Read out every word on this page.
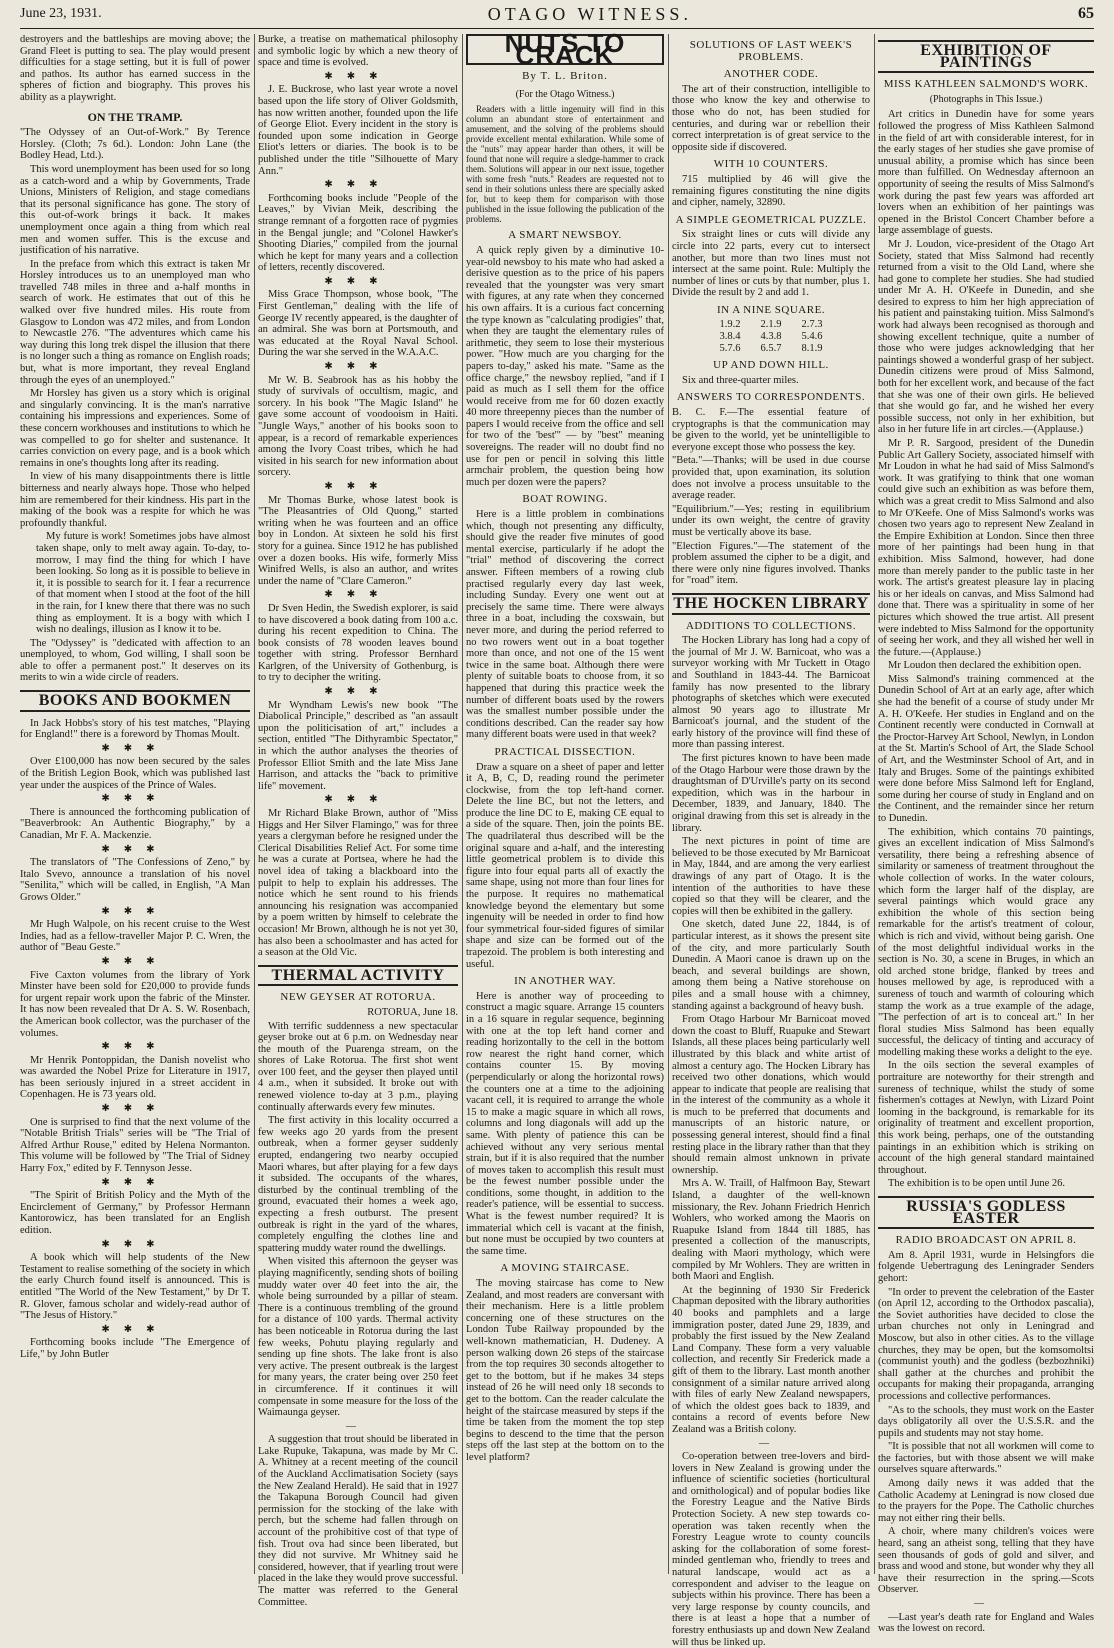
June 23, 1931.	OTAGO WITNESS.	65

destroyers and the battleships are moving above; the Grand Fleet is putting to sea. The play would present difficulties for a stage setting, but it is full of power and pathos. Its author has earned success in the spheres of fiction and biography. This proves his ability as a playwright.

ON THE TRAMP.

"The Odyssey of an Out-of-Work." By Terence Horsley. (Cloth; 7s 6d.). London: John Lane (the Bodley Head, Ltd.).

This word unemployment has been used for so long as a catch-word and a whip by Governments, Trade Unions, Ministers of Religion, and stage comedians that its personal significance has gone. The story of this out-of-work brings it back. It makes unemployment once again a thing from which real men and women suffer. This is the excuse and justification of his narrative.

In the preface from which this extract is taken Mr Horsley introduces us to an unemployed man who travelled 748 miles in three and a-half months in search of work. He estimates that out of this he walked over five hundred miles. His route from Glasgow to London was 472 miles, and from London to Newcastle 276. "The adventures which came his way during this long trek dispel the illusion that there is no longer such a thing as romance on English roads; but, what is more important, they reveal England through the eyes of an unemployed."

Mr Horsley has given us a story which is original and singularly convincing. It is the man's narrative containing his impressions and experiences. Some of these concern workhouses and institutions to which he was compelled to go for shelter and sustenance. It carries conviction on every page, and is a book which remains in one's thoughts long after its reading.

In view of his many disappointments there is little bitterness and nearly always hope. Those who helped him are remembered for their kindness. His part in the making of the book was a respite for which he was profoundly thankful.

My future is work! Sometimes jobs have almost taken shape, only to melt away again. To-day, to-morrow, I may find the thing for which I have been looking. So long as it is possible to believe in it, it is possible to search for it. I fear a recurrence of that moment when I stood at the foot of the hill in the rain, for I knew there that there was no such thing as employment. It is a bogy with which I wish no dealings, illusion as I know it to be.

The "Odyssey" is "dedicated with affection to an unemployed, to whom, God willing, I shall soon be able to offer a permanent post." It deserves on its merits to win a wide circle of readers.

BOOKS AND BOOKMEN

In Jack Hobbs's story of his test matches, "Playing for England!" there is a foreword by Thomas Moult.

✱✱✱

Over £100,000 has now been secured by the sales of the British Legion Book, which was published last year under the auspices of the Prince of Wales.

✱✱✱

There is announced the forthcoming publication of "Beaverbrook: An Authentic Biography," by a Canadian, Mr F. A. Mackenzie.

✱✱✱

The translators of "The Confessions of Zeno," by Italo Svevo, announce a translation of his novel "Senilita," which will be called, in English, "A Man Grows Older."

✱✱✱

Mr Hugh Walpole, on his recent cruise to the West Indies, had as a fellow-traveller Major P. C. Wren, the author of "Beau Geste."

✱✱✱

Five Caxton volumes from the library of York Minster have been sold for £20,000 to provide funds for urgent repair work upon the fabric of the Minster. It has now been revealed that Dr A. S. W. Rosenbach, the American book collector, was the purchaser of the volumes.

✱✱✱

Mr Henrik Pontoppidan, the Danish novelist who was awarded the Nobel Prize for Literature in 1917, has been seriously injured in a street accident in Copenhagen. He is 73 years old.

✱✱✱

One is surprised to find that the next volume of the "Notable British Trials" series will be "The Trial of Alfred Arthur Rouse," edited by Helena Normanton. This volume will be followed by "The Trial of Sidney Harry Fox," edited by F. Tennyson Jesse.

✱✱✱

"The Spirit of British Policy and the Myth of the Encirclement of Germany," by Professor Hermann Kantorowicz, has been translated for an English edition.

✱✱✱

A book which will help students of the New Testament to realise something of the society in which the early Church found itself is announced. This is entitled "The World of the New Testament," by Dr T. R. Glover, famous scholar and widely-read author of "The Jesus of History."

✱✱✱

Forthcoming books include "The Emergence of Life," by John Butler

Burke, a treatise on mathematical philosophy and symbolic logic by which a new theory of space and time is evolved.

✱✱✱

J. E. Buckrose, who last year wrote a novel based upon the life story of Oliver Goldsmith, has now written another, founded upon the life of George Eliot. Every incident in the story is founded upon some indication in George Eliot's letters or diaries. The book is to be published under the title "Silhouette of Mary Ann."

✱✱✱

Forthcoming books include "People of the Leaves," by Vivian Meik, describing the strange remnant of a forgotten race of pygmies in the Bengal jungle; and "Colonel Hawker's Shooting Diaries," compiled from the journal which he kept for many years and a collection of letters, recently discovered.

✱✱✱

Miss Grace Thompson, whose book, "The First Gentleman," dealing with the life of George IV recently appeared, is the daughter of an admiral. She was born at Portsmouth, and was educated at the Royal Naval School. During the war she served in the W.A.A.C.

✱✱✱

Mr W. B. Seabrook has as his hobby the study of survivals of occultism, magic, and sorcery. In his book "The Magic Island" he gave some account of voodooism in Haiti. "Jungle Ways," another of his books soon to appear, is a record of remarkable experiences among the Ivory Coast tribes, which he had visited in his search for new information about sorcery.

✱✱✱

Mr Thomas Burke, whose latest book is "The Pleasantries of Old Quong," started writing when he was fourteen and an office boy in London. At sixteen he sold his first story for a guinea. Since 1912 he has published over a dozen books. His wife, formerly Miss Winifred Wells, is also an author, and writes under the name of "Clare Cameron."

✱✱✱

Dr Sven Hedin, the Swedish explorer, is said to have discovered a book dating from 100 a.c. during his recent expedition to China. The book consists of 78 wooden leaves bound together with string. Professor Bernhard Karlgren, of the University of Gothenburg, is to try to decipher the writing.

✱✱✱

Mr Wyndham Lewis's new book "The Diabolical Principle," described as "an assault upon the politicisation of art," includes a section, entitled "The Dithyrambic Spectator," in which the author analyses the theories of Professor Elliot Smith and the late Miss Jane Harrison, and attacks the "back to primitive life" movement.

✱✱✱

Mr Richard Blake Brown, author of "Miss Higgs and Her Silver Flamingo," was for three years a clergyman before he resigned under the Clerical Disabilities Relief Act. For some time he was a curate at Portsea, where he had the novel idea of taking a blackboard into the pulpit to help to explain his addresses. The notice which he sent round to his friends announcing his resignation was accompanied by a poem written by himself to celebrate the occasion! Mr Brown, although he is not yet 30, has also been a schoolmaster and has acted for a season at the Old Vic.

THERMAL ACTIVITY
NEW GEYSER AT ROTORUA.

ROTORUA, June 18.

With terrific suddenness a new spectacular geyser broke out at 6 p.m. on Wednesday near the mouth of the Puarenga stream, on the shores of Lake Rotorua. The first shot went over 100 feet, and the geyser then played until 4 a.m., when it subsided. It broke out with renewed violence to-day at 3 p.m., playing continually afterwards every few minutes.

The first activity in this locality occurred a few weeks ago 20 yards from the present outbreak, when a former geyser suddenly erupted, endangering two nearby occupied Maori whares, but after playing for a few days it subsided. The occupants of the whares, disturbed by the continual trembling of the ground, evacuated their homes a week ago, expecting a fresh outburst. The present outbreak is right in the yard of the whares, completely engulfing the clothes line and spattering muddy water round the dwellings.

When visited this afternoon the geyser was playing magnificently, sending shots of boiling muddy water over 40 feet into the air, the whole being surrounded by a pillar of steam. There is a continuous trembling of the ground for a distance of 100 yards. Thermal activity has been noticeable in Rotorua during the last few weeks, Pohutu playing regularly and sending up fine shots. The lake front is also very active. The present outbreak is the largest for many years, the crater being over 250 feet in circumference. If it continues it will compensate in some measure for the loss of the Waimaunga geyser.

—

A suggestion that trout should be liberated in Lake Rupuke, Takapuna, was made by Mr C. A. Whitney at a recent meeting of the council of the Auckland Acclimatisation Society (says the New Zealand Herald). He said that in 1927 the Takapuna Borough Council had given permission for the stocking of the lake with perch, but the scheme had fallen through on account of the prohibitive cost of that type of fish. Trout ova had since been liberated, but they did not survive. Mr Whitney said he considered, however, that if yearling trout were placed in the lake they would prove successful. The matter was referred to the General Committee.

NUTS TO CRACK
By T. L. Briton.
(For the Otago Witness.)

Readers with a little ingenuity will find in this column an abundant store of entertainment and amusement, and the solving of the problems should provide excellent mental exhilaration. While some of the "nuts" may appear harder than others, it will be found that none will require a sledge-hammer to crack them. Solutions will appear in our next issue, together with some fresh "nuts." Readers are requested not to send in their solutions unless there are specially asked for, but to keep them for comparison with those published in the issue following the publication of the problems.

A SMART NEWSBOY.

A quick reply given by a diminutive 10-year-old newsboy to his mate who had asked a derisive question as to the price of his papers revealed that the youngster was very smart with figures, at any rate when they concerned his own affairs. It is a curious fact concerning the type known as "calculating prodigies" that, when they are taught the elementary rules of arithmetic, they seem to lose their mysterious power. "How much are you charging for the papers to-day," asked his mate. "Same as the office charge," the newsboy replied, "and if I paid as much as I sell them for the office would receive from me for 60 dozen exactly 40 more threepenny pieces than the number of papers I would receive from the office and sell for two of the 'best'" — by "best" meaning sovereigns. The reader will no doubt find no use for pen or pencil in solving this little armchair problem, the question being how much per dozen were the papers?

BOAT ROWING.

Here is a little problem in combinations which, though not presenting any difficulty, should give the reader five minutes of good mental exercise, particularly if he adopt the "trial" method of discovering the correct answer. Fifteen members of a rowing club practised regularly every day last week, including Sunday. Every one went out at precisely the same time. There were always three in a boat, including the coxswain, but never more, and during the period referred to no two rowers went out in a boat together more than once, and not one of the 15 went twice in the same boat. Although there were plenty of suitable boats to choose from, it so happened that during this practice week the number of different boats used by the rowers was the smallest number possible under the conditions described. Can the reader say how many different boats were used in that week?

PRACTICAL DISSECTION.

Draw a square on a sheet of paper and letter it A, B, C, D, reading round the perimeter clockwise, from the top left-hand corner. Delete the line BC, but not the letters, and produce the line DC to E, making CE equal to a side of the square. Then, join the points BE. The quadrilateral thus described will be the original square and a-half, and the interesting little geometrical problem is to divide this figure into four equal parts all of exactly the same shape, using not more than four lines for the purpose. It requires no mathematical knowledge beyond the elementary but some ingenuity will be needed in order to find how four symmetrical four-sided figures of similar shape and size can be formed out of the trapezoid. The problem is both interesting and useful.

IN ANOTHER WAY.

Here is another way of proceeding to construct a magic square. Arrange 15 counters in a 16 square in regular sequence, beginning with one at the top left hand corner and reading horizontally to the cell in the bottom row nearest the right hand corner, which contains counter 15. By moving (perpendicularly or along the horizontal rows) the counters one at a time to the adjoining vacant cell, it is required to arrange the whole 15 to make a magic square in which all rows, columns and long diagonals will add up the same. With plenty of patience this can be achieved without any very serious mental strain, but if it is also required that the number of moves taken to accomplish this result must be the fewest number possible under the conditions, some thought, in addition to the reader's patience, will be essential to success. What is the fewest number required? It is immaterial which cell is vacant at the finish, but none must be occupied by two counters at the same time.

A MOVING STAIRCASE.

The moving staircase has come to New Zealand, and most readers are conversant with their mechanism. Here is a little problem concerning one of these structures on the London Tube Railway propounded by the well-known mathematician, H. Dudeney. A person walking down 26 steps of the staircase from the top requires 30 seconds altogether to get to the bottom, but if he makes 34 steps instead of 26 he will need only 18 seconds to get to the bottom. Can the reader calculate the height of the staircase measured by steps if the time be taken from the moment the top step begins to descend to the time that the person steps off the last step at the bottom on to the level platform?

SOLUTIONS OF LAST WEEK'S PROBLEMS.
ANOTHER CODE.

The art of their construction, intelligible to those who know the key and otherwise to those who do not, has been studied for centuries, and during war or rebellion their correct interpretation is of great service to the opposite side if discovered.

WITH 10 COUNTERS.

715 multiplied by 46 will give the remaining figures constituting the nine digits and cipher, namely, 32890.

A SIMPLE GEOMETRICAL PUZZLE.

Six straight lines or cuts will divide any circle into 22 parts, every cut to intersect another, but more than two lines must not intersect at the same point. Rule: Multiply the number of lines or cuts by that number, plus 1. Divide the result by 2 and add 1.

IN A NINE SQUARE.
1.9.2	2.1.9	2.7.3
3.8.4	4.3.8	5.4.6
5.7.6	6.5.7	8.1.9
UP AND DOWN HILL.

Six and three-quarter miles.

ANSWERS TO CORRESPONDENTS.

B. C. F.—The essential feature of cryptographs is that the communication may be given to the world, yet be unintelligible to everyone except those who possess the key.

"Beta."—Thanks; will be used in due course provided that, upon examination, its solution does not involve a process unsuitable to the average reader.

"Equilibrium."—Yes; resting in equilibrium under its own weight, the centre of gravity must be vertically above its base.

"Election Figures."—The statement of the problem assumed the cipher to be a digit, and there were only nine figures involved. Thanks for "road" item.

THE HOCKEN LIBRARY
ADDITIONS TO COLLECTIONS.

The Hocken Library has long had a copy of the journal of Mr J. W. Barnicoat, who was a surveyor working with Mr Tuckett in Otago and Southland in 1843-44. The Barnicoat family has now presented to the library photographs of sketches which were executed almost 90 years ago to illustrate Mr Barnicoat's journal, and the student of the early history of the province will find these of more than passing interest.

The first pictures known to have been made of the Otago Harbour were those drawn by the draughtsman of D'Urville's party on its second expedition, which was in the harbour in December, 1839, and January, 1840. The original drawing from this set is already in the library.

The next pictures in point of time are believed to be those executed by Mr Barnicoat in May, 1844, and are among the very earliest drawings of any part of Otago. It is the intention of the authorities to have these copied so that they will be clearer, and the copies will then be exhibited in the gallery.

One sketch, dated June 22, 1844, is of particular interest, as it shows the present site of the city, and more particularly South Dunedin. A Maori canoe is drawn up on the beach, and several buildings are shown, among them being a Native storehouse on piles and a small house with a chimney, standing against a background of heavy bush.

From Otago Harbour Mr Barnicoat moved down the coast to Bluff, Ruapuke and Stewart Islands, all these places being particularly well illustrated by this black and white artist of almost a century ago. The Hocken Library has received two other donations, which would appear to indicate that people are realising that in the interest of the community as a whole it is much to be preferred that documents and manuscripts of an historic nature, or possessing general interest, should find a final resting place in the library rather than that they should remain almost unknown in private ownership.

Mrs A. W. Traill, of Halfmoon Bay, Stewart Island, a daughter of the well-known missionary, the Rev. Johann Friedrich Henrich Wohlers, who worked among the Maoris on Ruapuke Island from 1844 till 1885, has presented a collection of the manuscripts, dealing with Maori mythology, which were compiled by Mr Wohlers. They are written in both Maori and English.

At the beginning of 1930 Sir Frederick Chapman deposited with the library authorities 40 books and pamphlets and a large immigration poster, dated June 29, 1839, and probably the first issued by the New Zealand Land Company. These form a very valuable collection, and recently Sir Frederick made a gift of them to the library. Last month another consignment of a similar nature arrived along with files of early New Zealand newspapers, of which the oldest goes back to 1839, and contains a record of events before New Zealand was a British colony.

—

Co-operation between tree-lovers and bird-lovers in New Zealand is growing under the influence of scientific societies (horticultural and ornithological) and of popular bodies like the Forestry League and the Native Birds Protection Society. A new step towards co-operation was taken recently when the Forestry League wrote to county councils asking for the collaboration of some forest-minded gentleman who, friendly to trees and natural landscape, would act as a correspondent and adviser to the league on subjects within his province. There has been a very large response by county councils, and there is at least a hope that a number of forestry enthusiasts up and down New Zealand will thus be linked up.

EXHIBITION OF PAINTINGS
MISS KATHLEEN SALMOND'S WORK.
(Photographs in This Issue.)

Art critics in Dunedin have for some years followed the progress of Miss Kathleen Salmond in the field of art with considerable interest, for in the early stages of her studies she gave promise of unusual ability, a promise which has since been more than fulfilled. On Wednesday afternoon an opportunity of seeing the results of Miss Salmond's work during the past few years was afforded art lovers when an exhibition of her paintings was opened in the Bristol Concert Chamber before a large assemblage of guests.

Mr J. Loudon, vice-president of the Otago Art Society, stated that Miss Salmond had recently returned from a visit to the Old Land, where she had gone to complete her studies. She had studied under Mr A. H. O'Keefe in Dunedin, and she desired to express to him her high appreciation of his patient and painstaking tuition. Miss Salmond's work had always been recognised as thorough and showing excellent technique, quite a number of those who were judges acknowledging that her paintings showed a wonderful grasp of her subject. Dunedin citizens were proud of Miss Salmond, both for her excellent work, and because of the fact that she was one of their own girls. He believed that she would go far, and he wished her every possible success, not only in her exhibition, but also in her future life in art circles.—(Applause.)

Mr P. R. Sargood, president of the Dunedin Public Art Gallery Society, associated himself with Mr Loudon in what he had said of Miss Salmond's work. It was gratifying to think that one woman could give such an exhibition as was before them, which was a great credit to Miss Salmond and also to Mr O'Keefe. One of Miss Salmond's works was chosen two years ago to represent New Zealand in the Empire Exhibition at London. Since then three more of her paintings had been hung in that exhibition. Miss Salmond, however, had done more than merely pander to the public taste in her work. The artist's greatest pleasure lay in placing his or her ideals on canvas, and Miss Salmond had done that. There was a spirituality in some of her pictures which showed the true artist. All present were indebted to Miss Salmond for the opportunity of seeing her work, and they all wished her well in the future.—(Applause.)

Mr Loudon then declared the exhibition open.

Miss Salmond's training commenced at the Dunedin School of Art at an early age, after which she had the benefit of a course of study under Mr A. H. O'Keefe. Her studies in England and on the Continent recently were conducted in Cornwall at the Proctor-Harvey Art School, Newlyn, in London at the St. Martin's School of Art, the Slade School of Art, and the Westminster School of Art, and in Italy and Bruges. Some of the paintings exhibited were done before Miss Salmond left for England, some during her course of study in England and on the Continent, and the remainder since her return to Dunedin.

The exhibition, which contains 70 paintings, gives an excellent indication of Miss Salmond's versatility, there being a refreshing absence of similarity or sameness of treatment throughout the whole collection of works. In the water colours, which form the larger half of the display, are several paintings which would grace any exhibition the whole of this section being remarkable for the artist's treatment of colour, which is rich and vivid, without being garish. One of the most delightful individual works in the section is No. 30, a scene in Bruges, in which an old arched stone bridge, flanked by trees and houses mellowed by age, is reproduced with a sureness of touch and warmth of colouring which stamp the work as a true example of the adage, "The perfection of art is to conceal art." In her floral studies Miss Salmond has been equally successful, the delicacy of tinting and accuracy of modelling making these works a delight to the eye.

In the oils section the several examples of portraiture are noteworthy for their strength and sureness of technique, whilst the study of some fishermen's cottages at Newlyn, with Lizard Point looming in the background, is remarkable for its originality of treatment and excellent proportion, this work being, perhaps, one of the outstanding paintings in an exhibition which is striking on account of the high general standard maintained throughout.

The exhibition is to be open until June 26.

RUSSIA'S GODLESS EASTER
RADIO BROADCAST ON APRIL 8.

Am 8. April 1931, wurde in Helsingfors die folgende Uebertragung des Leningrader Senders gehort:

"In order to prevent the celebration of the Easter (on April 12, according to the Orthodox pascalia), the Soviet authorities have decided to close the urban churches not only in Leningrad and Moscow, but also in other cities. As to the village churches, they may be open, but the komsomoltsi (communist youth) and the godless (bezbozhniki) shall gather at the churches and prohibit the occupants for making their propaganda, arranging processions and collective performances.

"As to the schools, they must work on the Easter days obligatorily all over the U.S.S.R. and the pupils and students may not stay home.

"It is possible that not all workmen will come to the factories, but with those absent we will make ourselves square afterwards."

Among daily news it was added that the Catholic Academy at Leningrad is now closed due to the prayers for the Pope. The Catholic churches may not either ring their bells.

A choir, where many children's voices were heard, sang an atheist song, telling that they have seen thousands of gods of gold and silver, and brass and wood and stone, but wonder why they all have their resurrection in the spring.—Scots Observer.

—

—Last year's death rate for England and Wales was the lowest on record.
